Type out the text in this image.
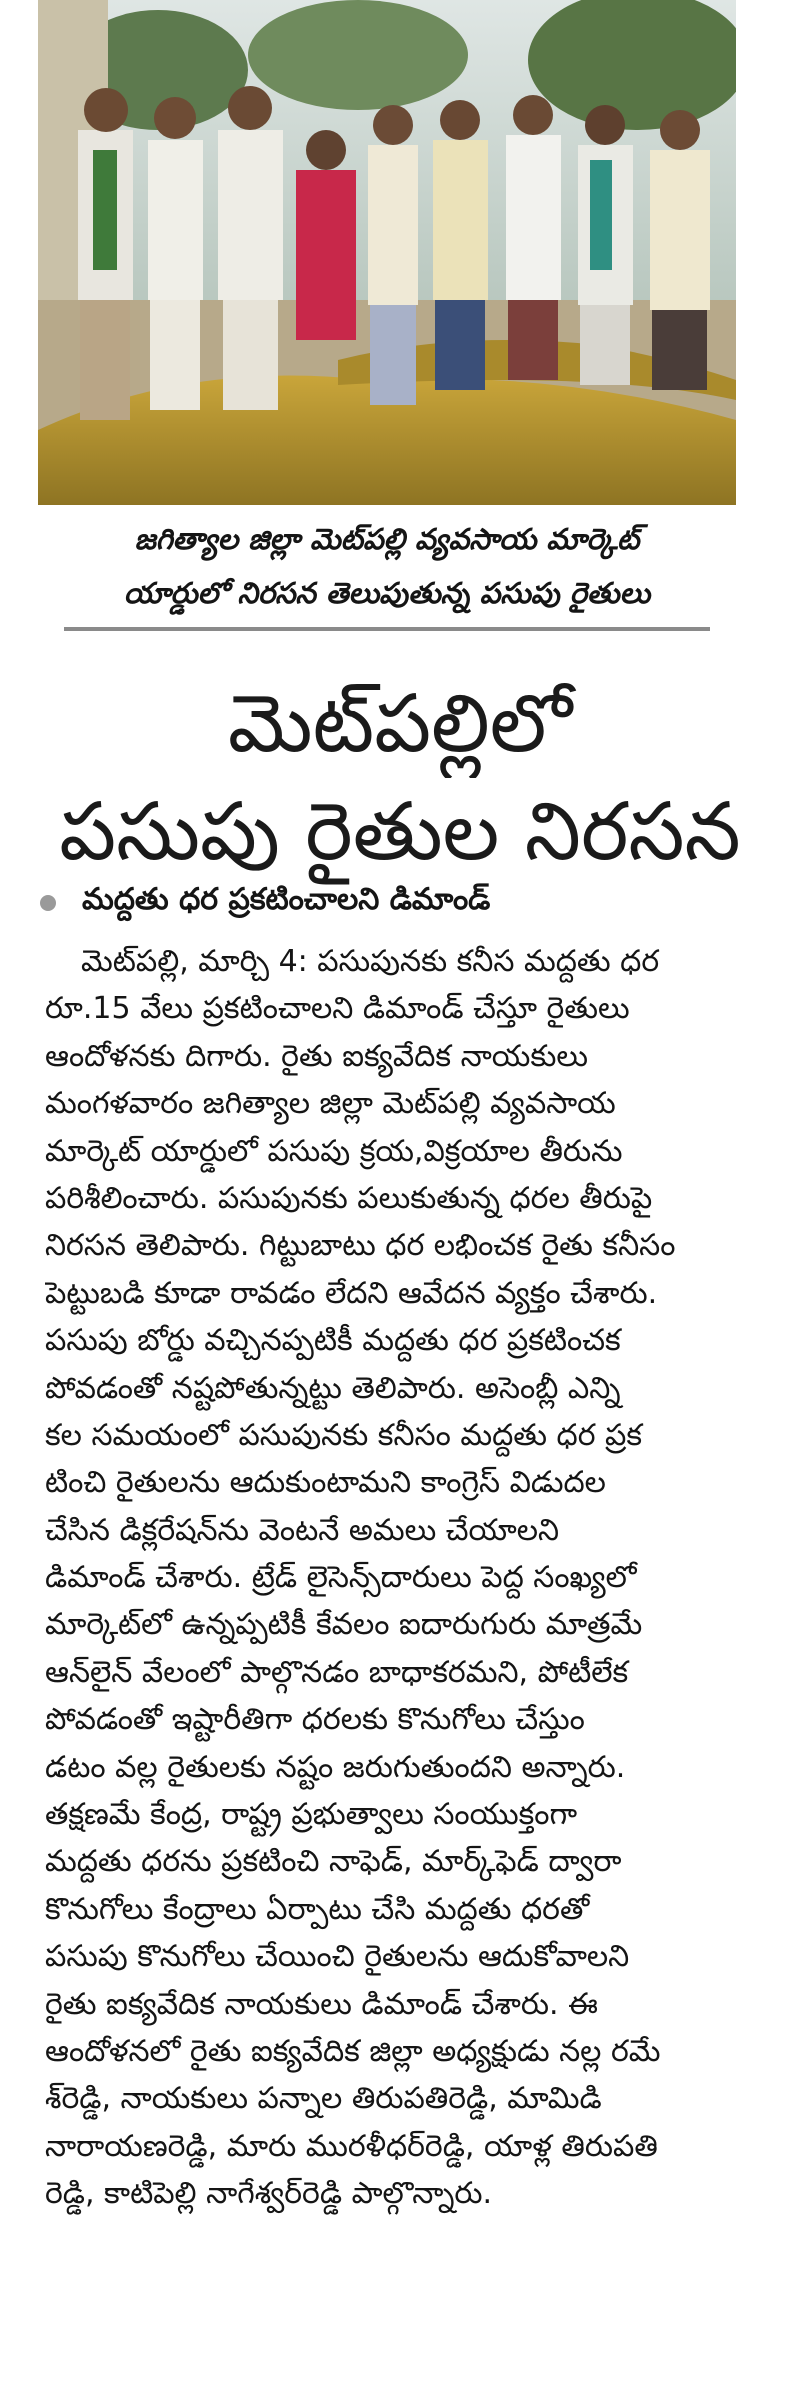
జగిత్యాల జిల్లా మెట్‌పల్లి వ్యవసాయ మార్కెట్
యార్డులో నిరసన తెలుపుతున్న పసుపు రైతులు
మెట్‌పల్లిలో
పసుపు రైతుల నిరసన
మద్దతు ధర ప్రకటించాలని డిమాండ్
మెట్‌పల్లి, మార్చి 4: పసుపునకు కనీస మద్దతు ధర
రూ.15 వేలు ప్రకటించాలని డిమాండ్ చేస్తూ రైతులు
ఆందోళనకు దిగారు. రైతు ఐక్యవేదిక నాయకులు
మంగళవారం జగిత్యాల జిల్లా మెట్‌పల్లి వ్యవసాయ
మార్కెట్ యార్డులో పసుపు క్రయ,విక్రయాల తీరును
పరిశీలించారు. పసుపునకు పలుకుతున్న ధరల తీరుపై
నిరసన తెలిపారు. గిట్టుబాటు ధర లభించక రైతు కనీసం
పెట్టుబడి కూడా రావడం లేదని ఆవేదన వ్యక్తం చేశారు.
పసుపు బోర్డు వచ్చినప్పటికీ మద్దతు ధర ప్రకటించక
పోవడంతో నష్టపోతున్నట్టు తెలిపారు. అసెంబ్లీ ఎన్ని
కల సమయంలో పసుపునకు కనీసం మద్దతు ధర ప్రక
టించి రైతులను ఆదుకుంటామని కాంగ్రెస్ విడుదల
చేసిన డిక్లరేషన్‌ను వెంటనే అమలు చేయాలని
డిమాండ్ చేశారు. ట్రేడ్ లైసెన్స్‌దారులు పెద్ద సంఖ్యలో
మార్కెట్‌లో ఉన్నప్పటికీ కేవలం ఐదారుగురు మాత్రమే
ఆన్‌లైన్ వేలంలో పాల్గొనడం బాధాకరమని, పోటీలేక
పోవడంతో ఇష్టారీతిగా ధరలకు కొనుగోలు చేస్తుం
డటం వల్ల రైతులకు నష్టం జరుగుతుందని అన్నారు.
తక్షణమే కేంద్ర, రాష్ట్ర ప్రభుత్వాలు సంయుక్తంగా
మద్దతు ధరను ప్రకటించి నాఫెడ్, మార్క్‌ఫెడ్ ద్వారా
కొనుగోలు కేంద్రాలు ఏర్పాటు చేసి మద్దతు ధరతో
పసుపు కొనుగోలు చేయించి రైతులను ఆదుకోవాలని
రైతు ఐక్యవేదిక నాయకులు డిమాండ్ చేశారు. ఈ
ఆందోళనలో రైతు ఐక్యవేదిక జిల్లా అధ్యక్షుడు నల్ల రమే
శ్‌రెడ్డి, నాయకులు పన్నాల తిరుపతిరెడ్డి, మామిడి
నారాయణరెడ్డి, మారు మురళీధర్‌రెడ్డి, యాళ్ల తిరుపతి
రెడ్డి, కాటిపెల్లి నాగేశ్వర్‌రెడ్డి పాల్గొన్నారు.
